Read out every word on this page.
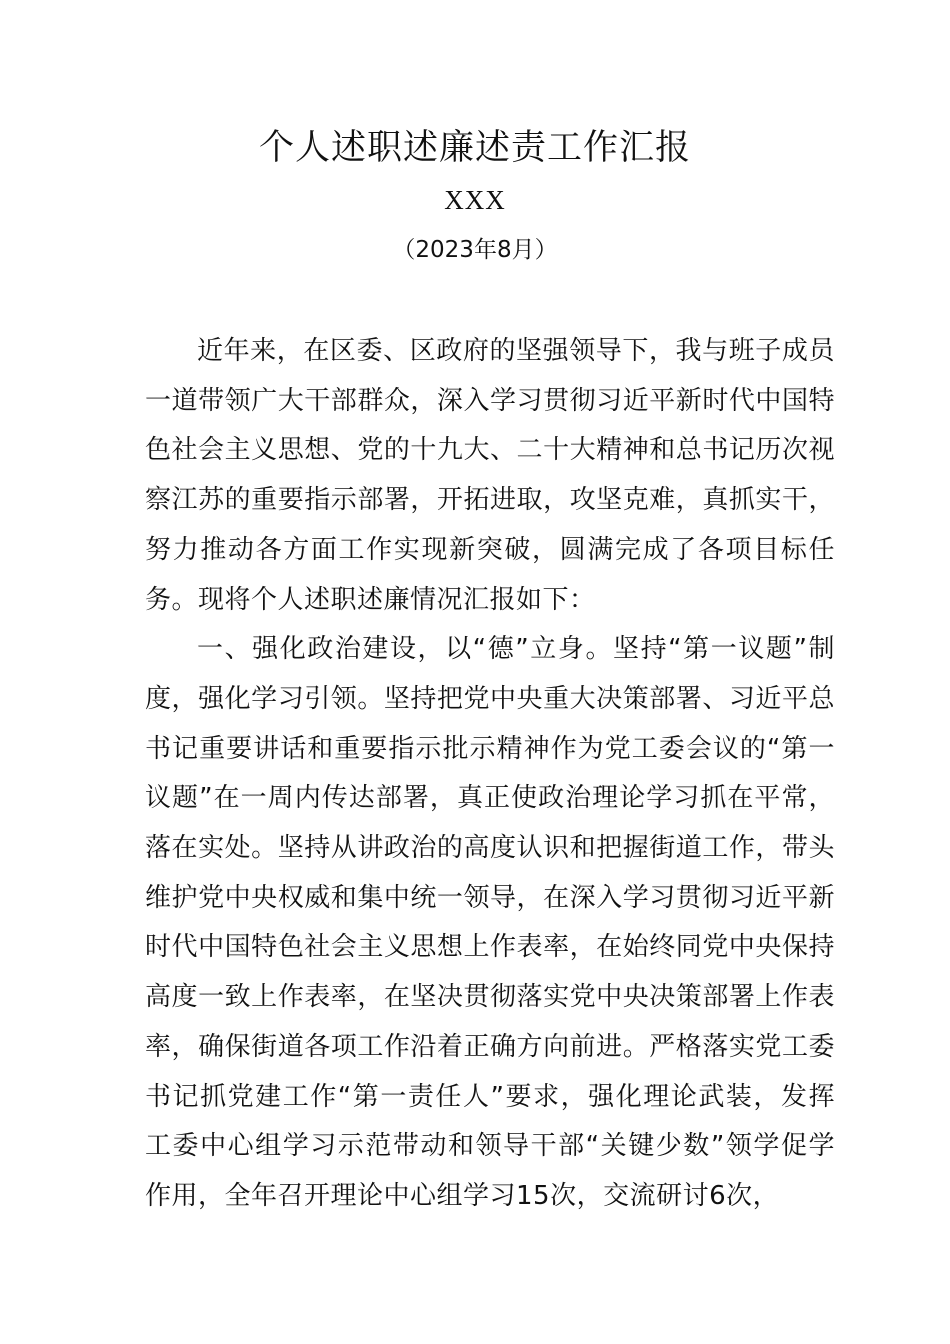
个人述职述廉述责工作汇报
XXX
（2023年8月）

近年来，在区委、区政府的坚强领导下，我与班子成员一道带领广大干部群众，深入学习贯彻习近平新时代中国特色社会主义思想、党的十九大、二十大精神和总书记历次视察江苏的重要指示部署，开拓进取，攻坚克难，真抓实干，努力推动各方面工作实现新突破，圆满完成了各项目标任务。现将个人述职述廉情况汇报如下：

一、强化政治建设，以“德”立身。坚持“第一议题”制度，强化学习引领。坚持把党中央重大决策部署、习近平总书记重要讲话和重要指示批示精神作为党工委会议的“第一议题”在一周内传达部署，真正使政治理论学习抓在平常，落在实处。坚持从讲政治的高度认识和把握街道工作，带头维护党中央权威和集中统一领导，在深入学习贯彻习近平新时代中国特色社会主义思想上作表率，在始终同党中央保持高度一致上作表率，在坚决贯彻落实党中央决策部署上作表率，确保街道各项工作沿着正确方向前进。严格落实党工委书记抓党建工作“第一责任人”要求，强化理论武装，发挥工委中心组学习示范带动和领导干部“关键少数”领学促学作用，全年召开理论中心组学习15次，交流研讨6次，
